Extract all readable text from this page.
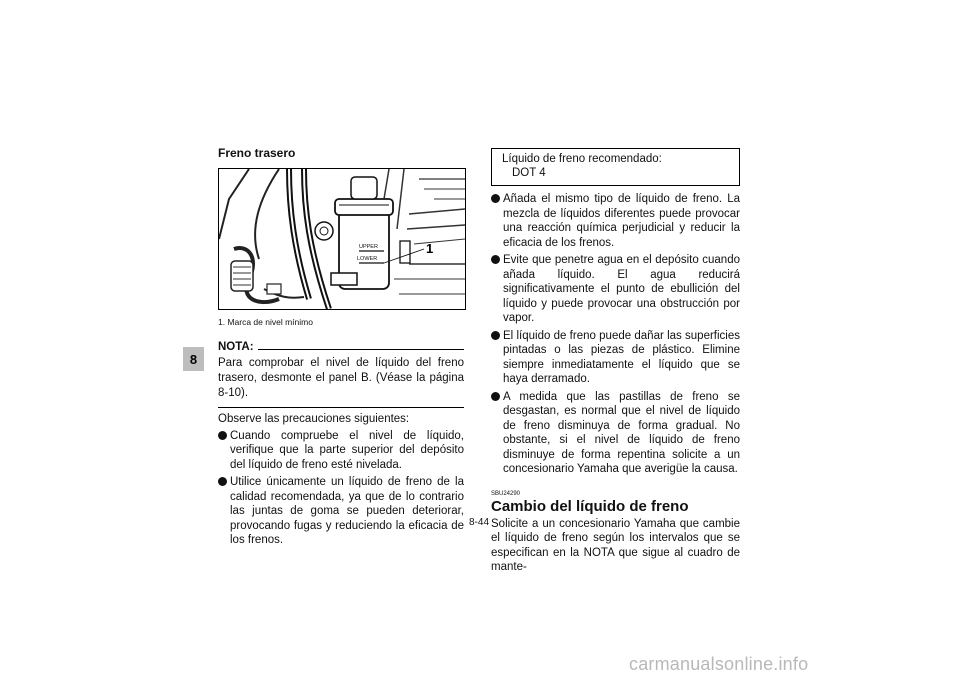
8
Freno trasero
UPPER
LOWER
1
1. Marca de nivel mínimo
NOTA:
Para comprobar el nivel de líquido del freno trasero, desmonte el panel B. (Véase la página 8-10).

Observe las precauciones siguientes:

Cuando compruebe el nivel de líquido, verifique que la parte superior del depósito del líquido de freno esté nivelada.
Utilice únicamente un líquido de freno de la calidad recomendada, ya que de lo contrario las juntas de goma se pueden deteriorar, provocando fugas y reduciendo la eficacia de los frenos.
Líquido de freno recomendado:
DOT 4
Añada el mismo tipo de líquido de freno. La mezcla de líquidos diferentes puede provocar una reacción química perjudicial y reducir la eficacia de los frenos.
Evite que penetre agua en el depósito cuando añada líquido. El agua reducirá significativamente el punto de ebullición del líquido y puede provocar una obstrucción por vapor.
El líquido de freno puede dañar las superficies pintadas o las piezas de plástico. Elimine siempre inmediatamente el líquido que se haya derramado.
A medida que las pastillas de freno se desgastan, es normal que el nivel de líquido de freno disminuya de forma gradual. No obstante, si el nivel de líquido de freno disminuye de forma repentina solicite a un concesionario Yamaha que averigüe la causa.
SBU24290
Cambio del líquido de freno

Solicite a un concesionario Yamaha que cambie el líquido de freno según los intervalos que se especifican en la NOTA que sigue al cuadro de mante-

8-44
carmanualsonline.info
